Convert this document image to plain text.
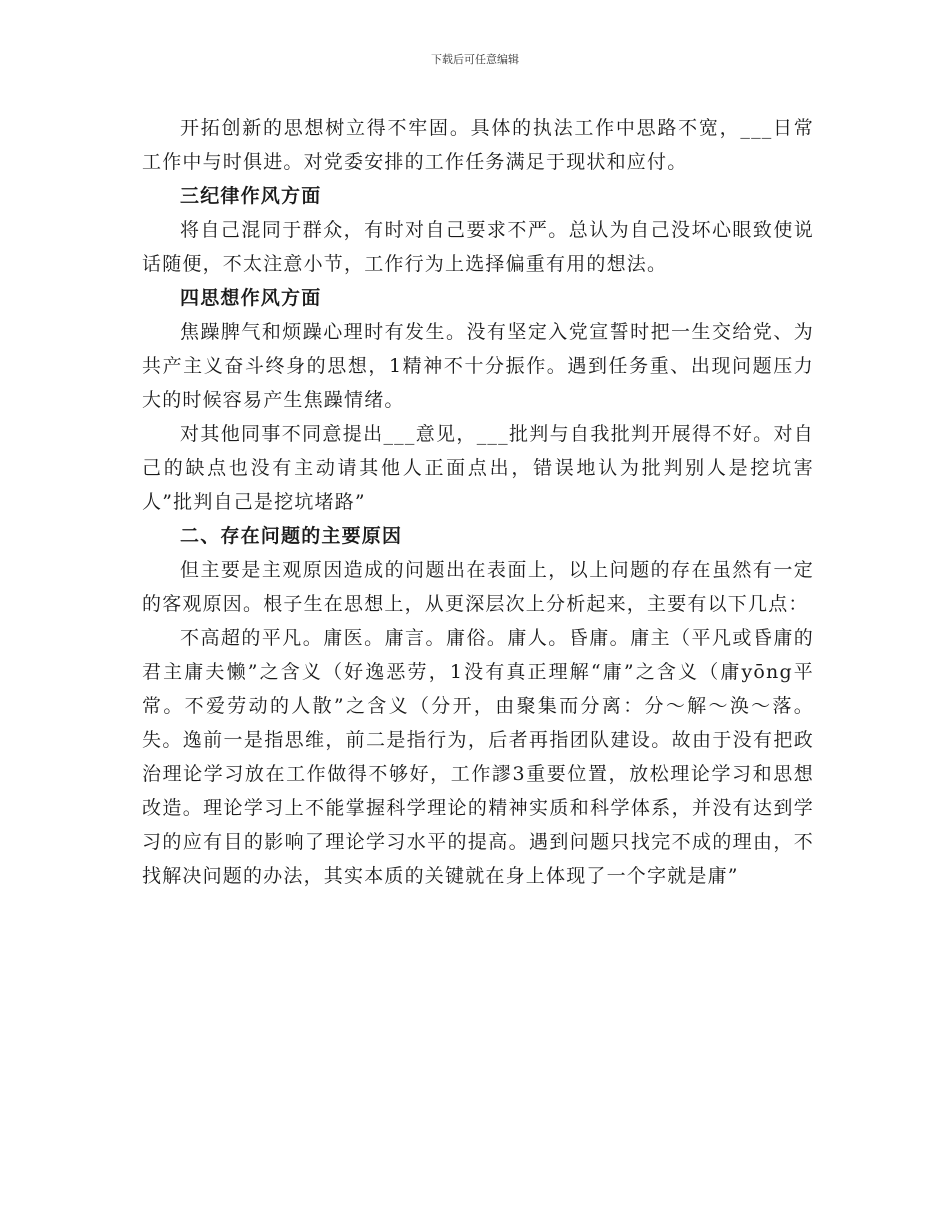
下载后可任意编辑

开拓创新的思想树立得不牢固。具体的执法工作中思路不宽，___日常工作中与时俱进。对党委安排的工作任务满足于现状和应付。

三纪律作风方面

将自己混同于群众，有时对自己要求不严。总认为自己没坏心眼致使说话随便，不太注意小节，工作行为上选择偏重有用的想法。

四思想作风方面

焦躁脾气和烦躁心理时有发生。没有坚定入党宣誓时把一生交给党、为共产主义奋斗终身的思想，1精神不十分振作。遇到任务重、出现问题压力大的时候容易产生焦躁情绪。

对其他同事不同意提出___意见，___批判与自我批判开展得不好。对自己的缺点也没有主动请其他人正面点出，错误地认为批判别人是挖坑害人”批判自己是挖坑堵路”

二、存在问题的主要原因

但主要是主观原因造成的问题出在表面上，以上问题的存在虽然有一定的客观原因。根子生在思想上，从更深层次上分析起来，主要有以下几点：

不高超的平凡。庸医。庸言。庸俗。庸人。昏庸。庸主（平凡或昏庸的君主庸夫懒”之含义（好逸恶劳，1没有真正理解“庸”之含义（庸yōng平常。不爱劳动的人散”之含义（分开，由聚集而分离：分～解～涣～落。失。逸前一是指思维，前二是指行为，后者再指团队建设。故由于没有把政治理论学习放在工作做得不够好，工作謬3重要位置，放松理论学习和思想改造。理论学习上不能掌握科学理论的精神实质和科学体系，并没有达到学习的应有目的影响了理论学习水平的提高。遇到问题只找完不成的理由，不找解决问题的办法，其实本质的关键就在身上体现了一个字就是庸”
